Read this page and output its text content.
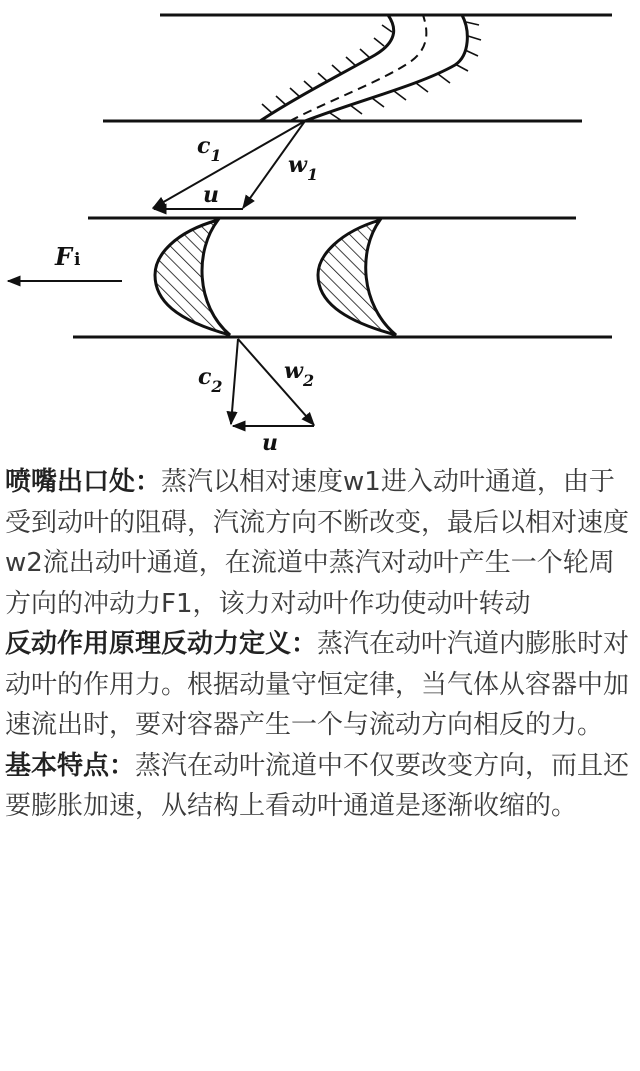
$c_1$	$w_1$
u
F i
$c_2$
$w_2$
u

喷嘴出口处：蒸汽以相对速度w1进入动叶通道，由于受到动叶的阻碍，汽流方向不断改变，最后以相对速度w2流出动叶通道，在流道中蒸汽对动叶产生一个轮周方向的冲动力F1，该力对动叶作功使动叶转动

反动作用原理反动力定义：蒸汽在动叶汽道内膨胀时对动叶的作用力。根据动量守恒定律，当气体从容器中加速流出时，要对容器产生一个与流动方向相反的力。

基本特点：蒸汽在动叶流道中不仅要改变方向，而且还要膨胀加速，从结构上看动叶通道是逐渐收缩的。
